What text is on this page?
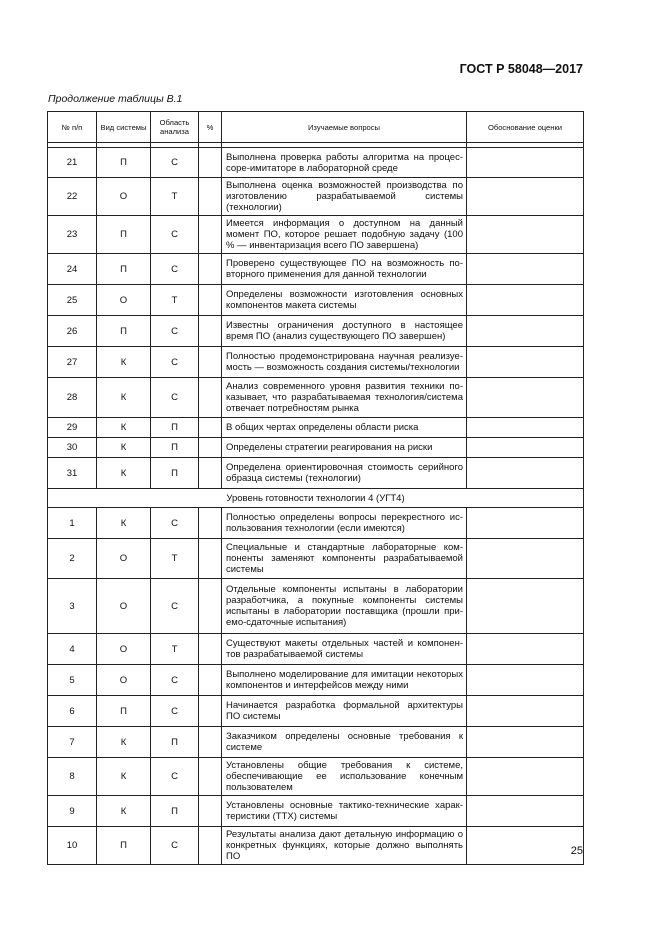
ГОСТ Р 58048—2017
Продолжение таблицы В.1
№ п/п	Вид системы	Область анализа	%	Изучаемые вопросы	Обоснование оценки

21	П	С		Выполнена проверка работы алгоритма на процессоре-имитаторе в лабораторной среде	
22	О	Т		Выполнена оценка возможностей производства по изготовлению разрабатываемой системы (технологии)	
23	П	С		Имеется информация о доступном на данный момент ПО, которое решает подобную задачу (100 % — инвентаризация всего ПО завершена)	
24	П	С		Проверено существующее ПО на возможность повторного применения для данной технологии	
25	О	Т		Определены возможности изготовления основных компонентов макета системы	
26	П	С		Известны ограничения доступного в настоящее время ПО (анализ существующего ПО завершен)	
27	К	С		Полностью продемонстрирована научная реализуемость — возможность создания системы/технологии	
28	К	С		Анализ современного уровня развития техники показывает, что разрабатываемая технология/система отвечает потребностям рынка	
29	К	П		В общих чертах определены области риска	
30	К	П		Определены стратегии реагирования на риски	
31	К	П		Определена ориентировочная стоимость серийного образца системы (технологии)	
Уровень готовности технологии 4 (УГТ4)					
1	К	С		Полностью определены вопросы перекрестного использования технологии (если имеются)	
2	О	Т		Специальные и стандартные лабораторные компоненты заменяют компоненты разрабатываемой системы	
3	О	С		Отдельные компоненты испытаны в лаборатории разработчика, а покупные компоненты системы испытаны в лаборатории поставщика (прошли приемо-сдаточные испытания)	
4	О	Т		Существуют макеты отдельных частей и компонентов разрабатываемой системы	
5	О	С		Выполнено моделирование для имитации некоторых компонентов и интерфейсов между ними	
6	П	С		Начинается разработка формальной архитектуры ПО системы	
7	К	П		Заказчиком определены основные требования к системе	
8	К	С		Установлены общие требования к системе, обеспечивающие ее использование конечным пользователем	
9	К	П		Установлены основные тактико-технические характеристики (ТТХ) системы	
10	П	С		Результаты анализа дают детальную информацию о конкретных функциях, которые должно выполнять ПО		25
